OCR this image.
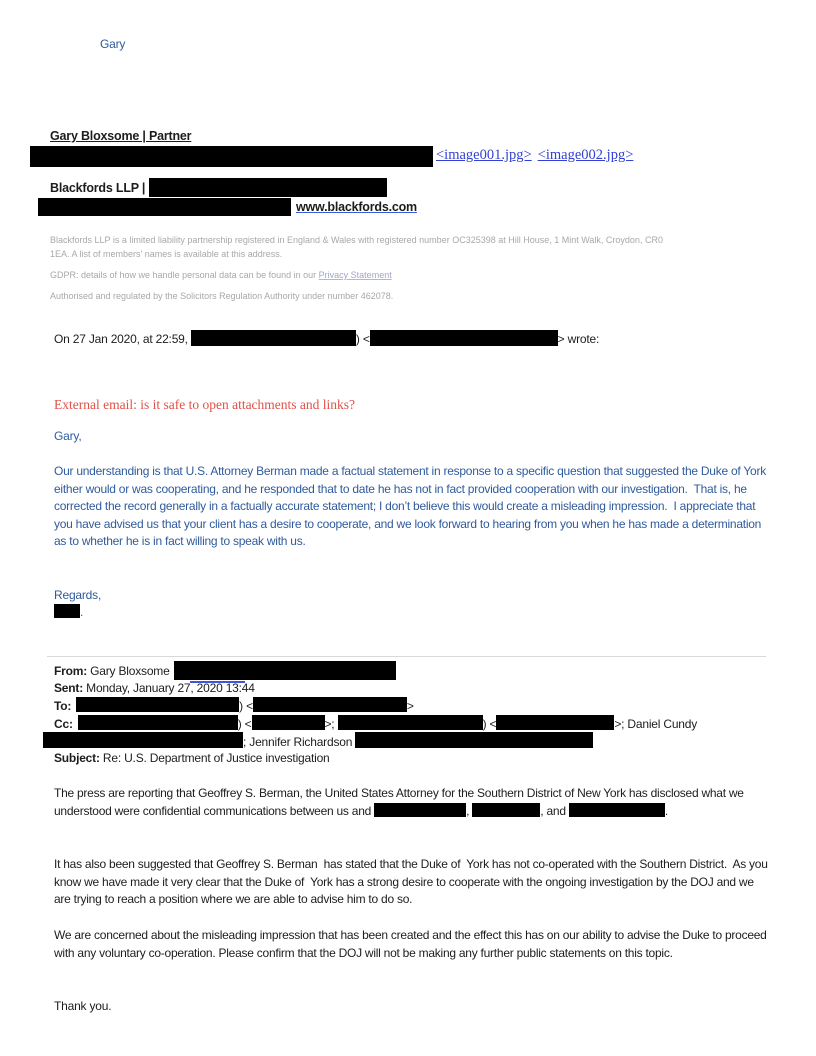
Gary
Gary Bloxsome | Partner
<image001.jpg> <image002.jpg>
Blackfords LLP |
www.blackfords.com
Blackfords LLP is a limited liability partnership registered in England & Wales with registered number OC325398 at Hill House, 1 Mint Walk, Croydon, CR0 1EA. A list of members’ names is available at this address.
GDPR: details of how we handle personal data can be found in our Privacy Statement
Authorised and regulated by the Solicitors Regulation Authority under number 462078.
On 27 Jan 2020, at 22:59,	) <	> wrote:
External email: is it safe to open attachments and links?
Gary,
Our understanding is that U.S. Attorney Berman made a factual statement in response to a specific question that suggested the Duke of York either would or was cooperating, and he responded that to date he has not in fact provided cooperation with our investigation.  That is, he corrected the record generally in a factually accurate statement; I don’t believe this would create a misleading impression.  I appreciate that you have advised us that your client has a desire to cooperate, and we look forward to hearing from you when he has made a determination as to whether he is in fact willing to speak with us.
Regards,
.
From: Gary Bloxsome
Sent: Monday, January 27, 2020 13:44
To:	) <	>
Cc:	) <	>;	) <	>; Daniel Cundy
; Jennifer Richardson
Subject: Re: U.S. Department of Justice investigation
The press are reporting that Geoffrey S. Berman, the United States Attorney for the Southern District of New York has disclosed what we understood were confidential communications between us and	,	, and	.
It has also been suggested that Geoffrey S. Berman  has stated that the Duke of  York has not co-operated with the Southern District.  As you know we have made it very clear that the Duke of  York has a strong desire to cooperate with the ongoing investigation by the DOJ and we are trying to reach a position where we are able to advise him to do so.
We are concerned about the misleading impression that has been created and the effect this has on our ability to advise the Duke to proceed with any voluntary co-operation. Please confirm that the DOJ will not be making any further public statements on this topic.
Thank you.
